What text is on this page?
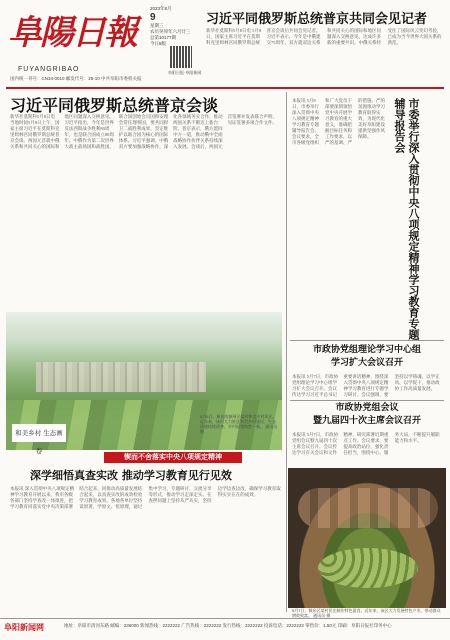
阜陽日報
FUYANGRIBAO
国内统一刊号：CN34-0010 邮发代号：25-10 中共阜阳市委机关报
2023年8月
9
星期三
农历癸卯年六月廿三
总第10177期
今日8版
阜阳日报·阜阳新闻
习近平同俄罗斯总统普京共同会见记者
新华社莫斯科5月8日电 5月8日，国家主席习近平在莫斯科克里姆林宫同俄罗斯总统普京会谈后共同会见记者。习近平表示，今年是中俄建交75周年，双方就双边关系和共同关心的国际和地区问题深入交换意见，达成许多新的重要共识。中俄关系经受住了国际风云变幻考验，已成为当今世界大国关系的典范。
习近平同俄罗斯总统普京会谈
新华社莫斯科5月8日电 当地时间5月8日上午，国家主席习近平在莫斯科克里姆林宫同俄罗斯总统普京会谈。两国元首就中俄关系和共同关心的国际和地区问题深入交换意见。习近平指出，今年是世界反法西斯战争胜利80周年，也是联合国成立80周年。中俄作为第二次世界大战主战场国和战胜国、联合国创始会员国和安理会常任理事国，要共同捍卫二战胜利成果，坚定维护以联合国为核心的国际体系。习近平强调，中俄双方要加强战略协作，深化各领域务实合作，推动两国关系不断迈上新台阶。普京表示，俄方愿同中方一道，推动俄中全面战略协作伙伴关系持续深入发展。会谈后，两国元首签署并发表联合声明，见证签署多项合作文件。
和美乡村 生态画卷
5月8日，航拍的颍州区某村和美乡村风光。近年来，该村大力推进和美乡村建设，生态环境持续改善，乡村面貌焕然一新。 通讯员 摄
锲而不舍落实中央八项规定精神
深学细悟真查实改 推动学习教育见行见效
本报讯 深入贯彻中央八项规定精神学习教育开展以来，我市各级各部门坚持学查改一体推进，把学习教育同落实党中央决策部署结合起来，同推动高质量发展结合起来，以真查实改的成效检验学习教育成果。各地各单位坚持读原著、学原文、悟原理，通过集中学习、专题研讨、交流分享等形式，推动学习走深走实。在查摆问题上坚持从严从实，坚持边学边查边改，确保学习教育取得实实在在的成效。
市委举行深入贯彻中央八项规定精神学习教育专题辅导报告会
本报讯 5月8日，市委举行深入贯彻中央八项规定精神学习教育专题辅导报告会。会议要求，全市各级党组织和广大党员干部要深刻领悟党中央开展学习教育的重大意义，准确把握目标任务和工作要求，以严的基调、严的措施、严的氛围推动学习教育取得实效，为现代化美好阜阳建设提供坚强作风保障。
市政协党组理论学习中心组
学习扩大会议召开
本报讯 5月7日，市政协党组理论学习中心组学习扩大会议召开。会议传达学习习近平总书记重要讲话精神，围绕深入贯彻中央八项规定精神学习教育进行专题学习研讨。会议强调，要坚持以学铸魂、以学正风、以学促干，推动政协工作高质量发展。
市政协党组会议
暨九届四十次主席会议召开
本报讯 5月7日，市政协党组会议暨九届四十次主席会议召开。会议传达学习有关会议和文件精神，研究部署近期重点工作。会议要求，要提高政治站位，强化责任担当，围绕中心、服务大局，不断提升履职能力和水平。
5月7日，颍东区某村民在制作特色面食。近年来，该区大力发展特色产业，带动群众增收致富。 通讯员 摄
阜阳新闻网	地址：阜阳市清河东路 邮编：236000 新闻热线：2222222 广告热线：2222222 发行热线：2222222 投诉电话：2222222 零售价：1.50元 印刷：阜阳日报社印务中心
